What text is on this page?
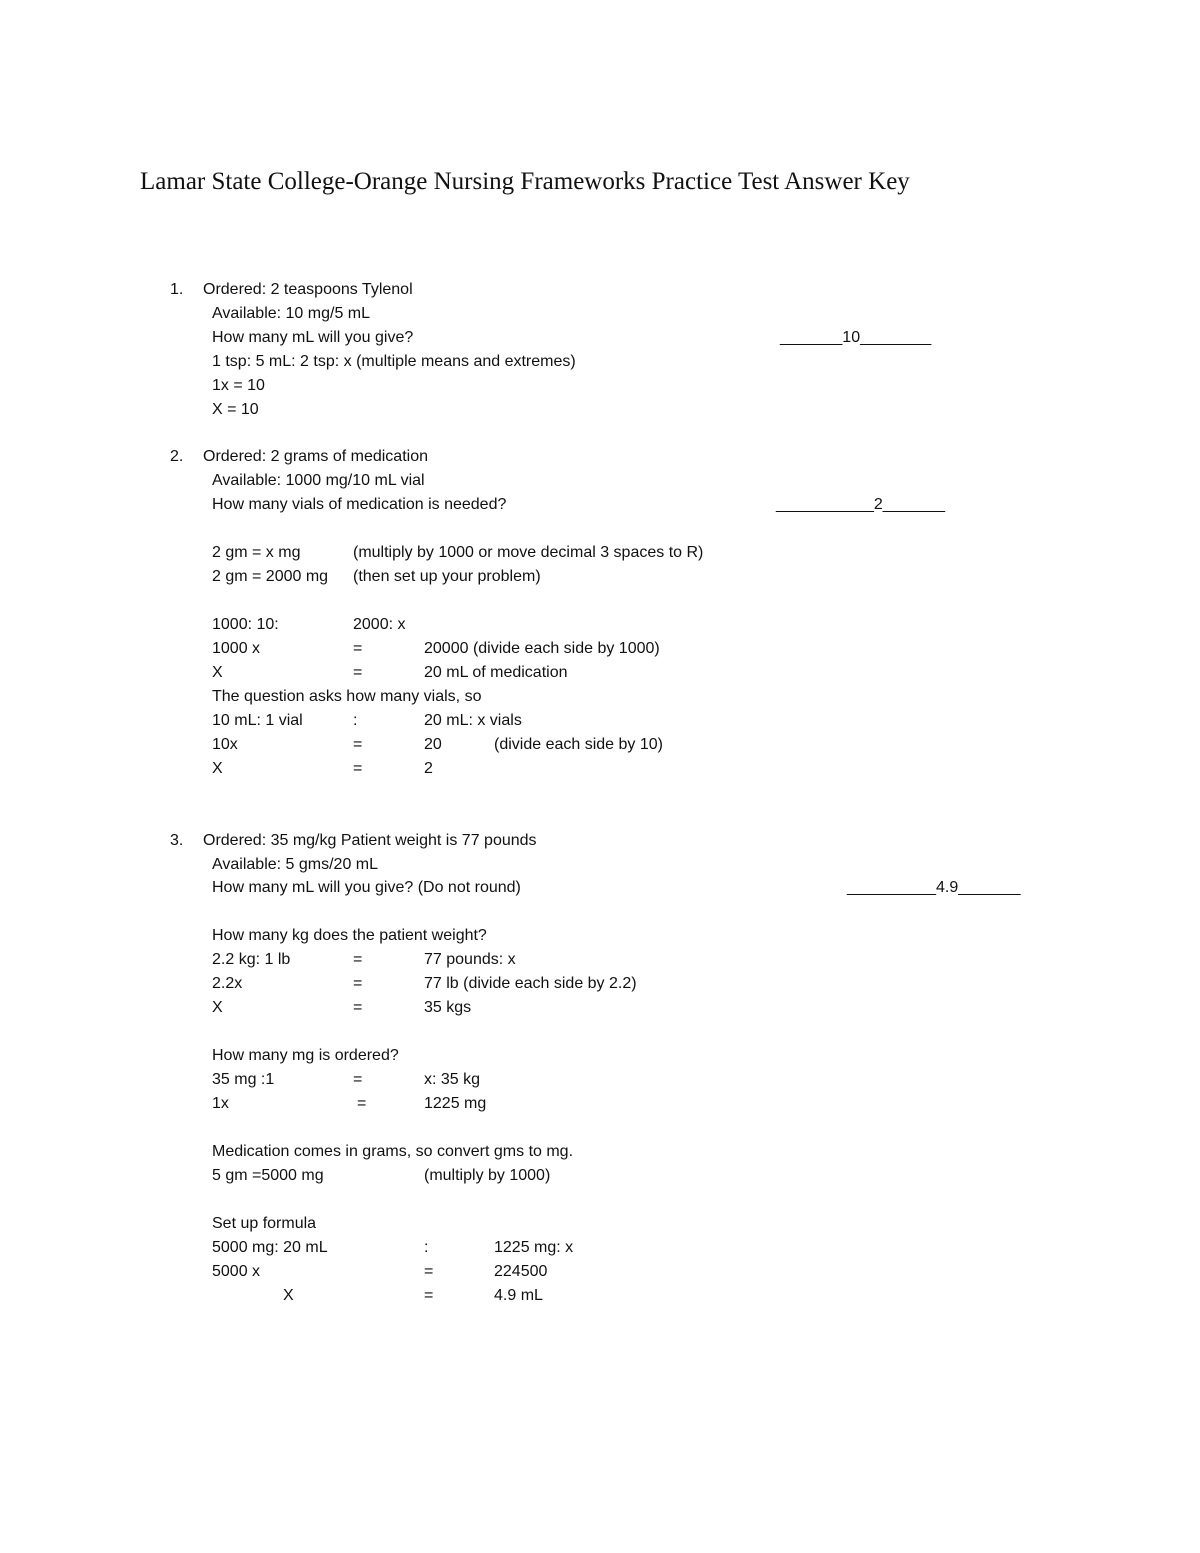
Lamar State College-Orange Nursing Frameworks Practice Test Answer Key
1. Ordered: 2 teaspoons Tylenol
Available: 10 mg/5 mL
How many mL will you give?	_______10________
1 tsp: 5 mL: 2 tsp: x (multiple means and extremes)
1x = 10
X = 10
2. Ordered: 2 grams of medication
Available: 1000 mg/10 mL vial
How many vials of medication is needed?	___________2_______
2 gm = x mg	(multiply by 1000 or move decimal 3 spaces to R)
2 gm = 2000 mg (then set up your problem)
1000: 10:	2000: x
1000 x	=	20000 (divide each side by 1000)
X	=	20 mL of medication
The question asks how many vials, so
10 mL: 1 vial	:	20 mL: x vials
10x	=	20	(divide each side by 10)
X	=	2
3. Ordered: 35 mg/kg Patient weight is 77 pounds
Available: 5 gms/20 mL
How many mL will you give? (Do not round)	__________4.9_______
How many kg does the patient weight?
2.2 kg: 1 lb	=	77 pounds: x
2.2x	=	77 lb (divide each side by 2.2)
X	=	35 kgs
How many mg is ordered?
35 mg :1	=	x: 35 kg
1x	=	1225 mg
Medication comes in grams, so convert gms to mg.
5 gm =5000 mg	(multiply by 1000)
Set up formula
5000 mg: 20 mL	:	1225 mg: x
5000 x	=	224500
X	=	4.9 mL
